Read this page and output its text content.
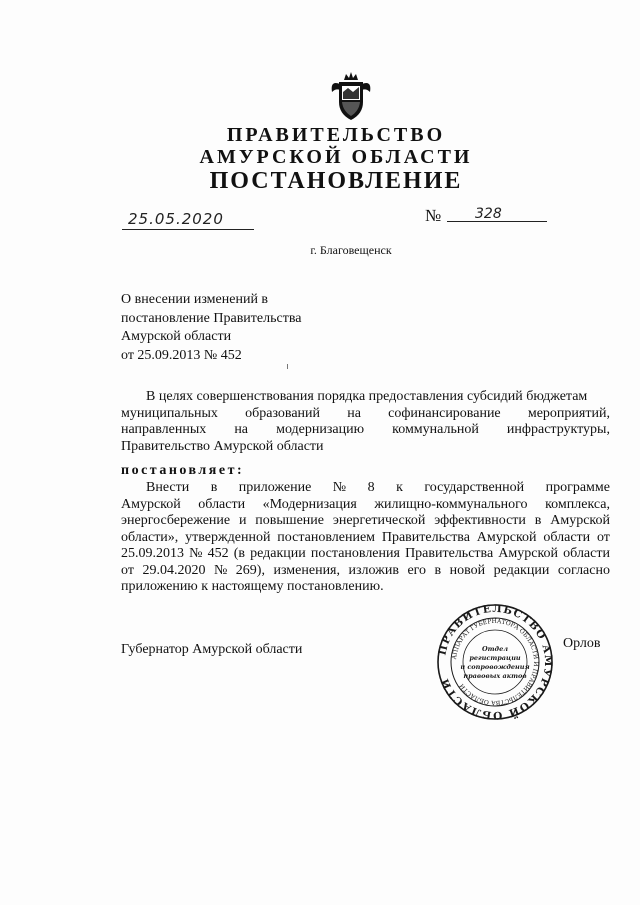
ПРАВИТЕЛЬСТВО
АМУРСКОЙ ОБЛАСТИ
ПОСТАНОВЛЕНИЕ
25.05.2020	№ 328
г. Благовещенск
О внесении изменений в
постановление Правительства
Амурской области
от 25.09.2013 № 452
В целях совершенствования порядка предоставления субсидий бюджетам
муниципальных образований на софинансирование мероприятий,
направленных на модернизацию коммунальной инфраструктуры,
Правительство Амурской области
постановляет:
Внести в приложение № 8 к государственной программе
Амурской области «Модернизация жилищно-коммунального комплекса,
энергосбережение и повышение энергетической эффективности в Амурской
области», утвержденной постановлением Правительства Амурской области от
25.09.2013 № 452 (в редакции постановления Правительства Амурской области
от 29.04.2020 № 269), изменения, изложив его в новой редакции согласно
приложению к настоящему постановлению.
Губернатор Амурской области	Орлов
ПРАВИТЕЛЬСТВО АМУРСКОЙ ОБЛАСТИ
АППАРАТ ГУБЕРНАТОРА ОБЛАСТИ И ПРАВИТЕЛЬСТВА ОБЛАСТИ
Отдел
регистрации
и сопровождения
правовых актов
